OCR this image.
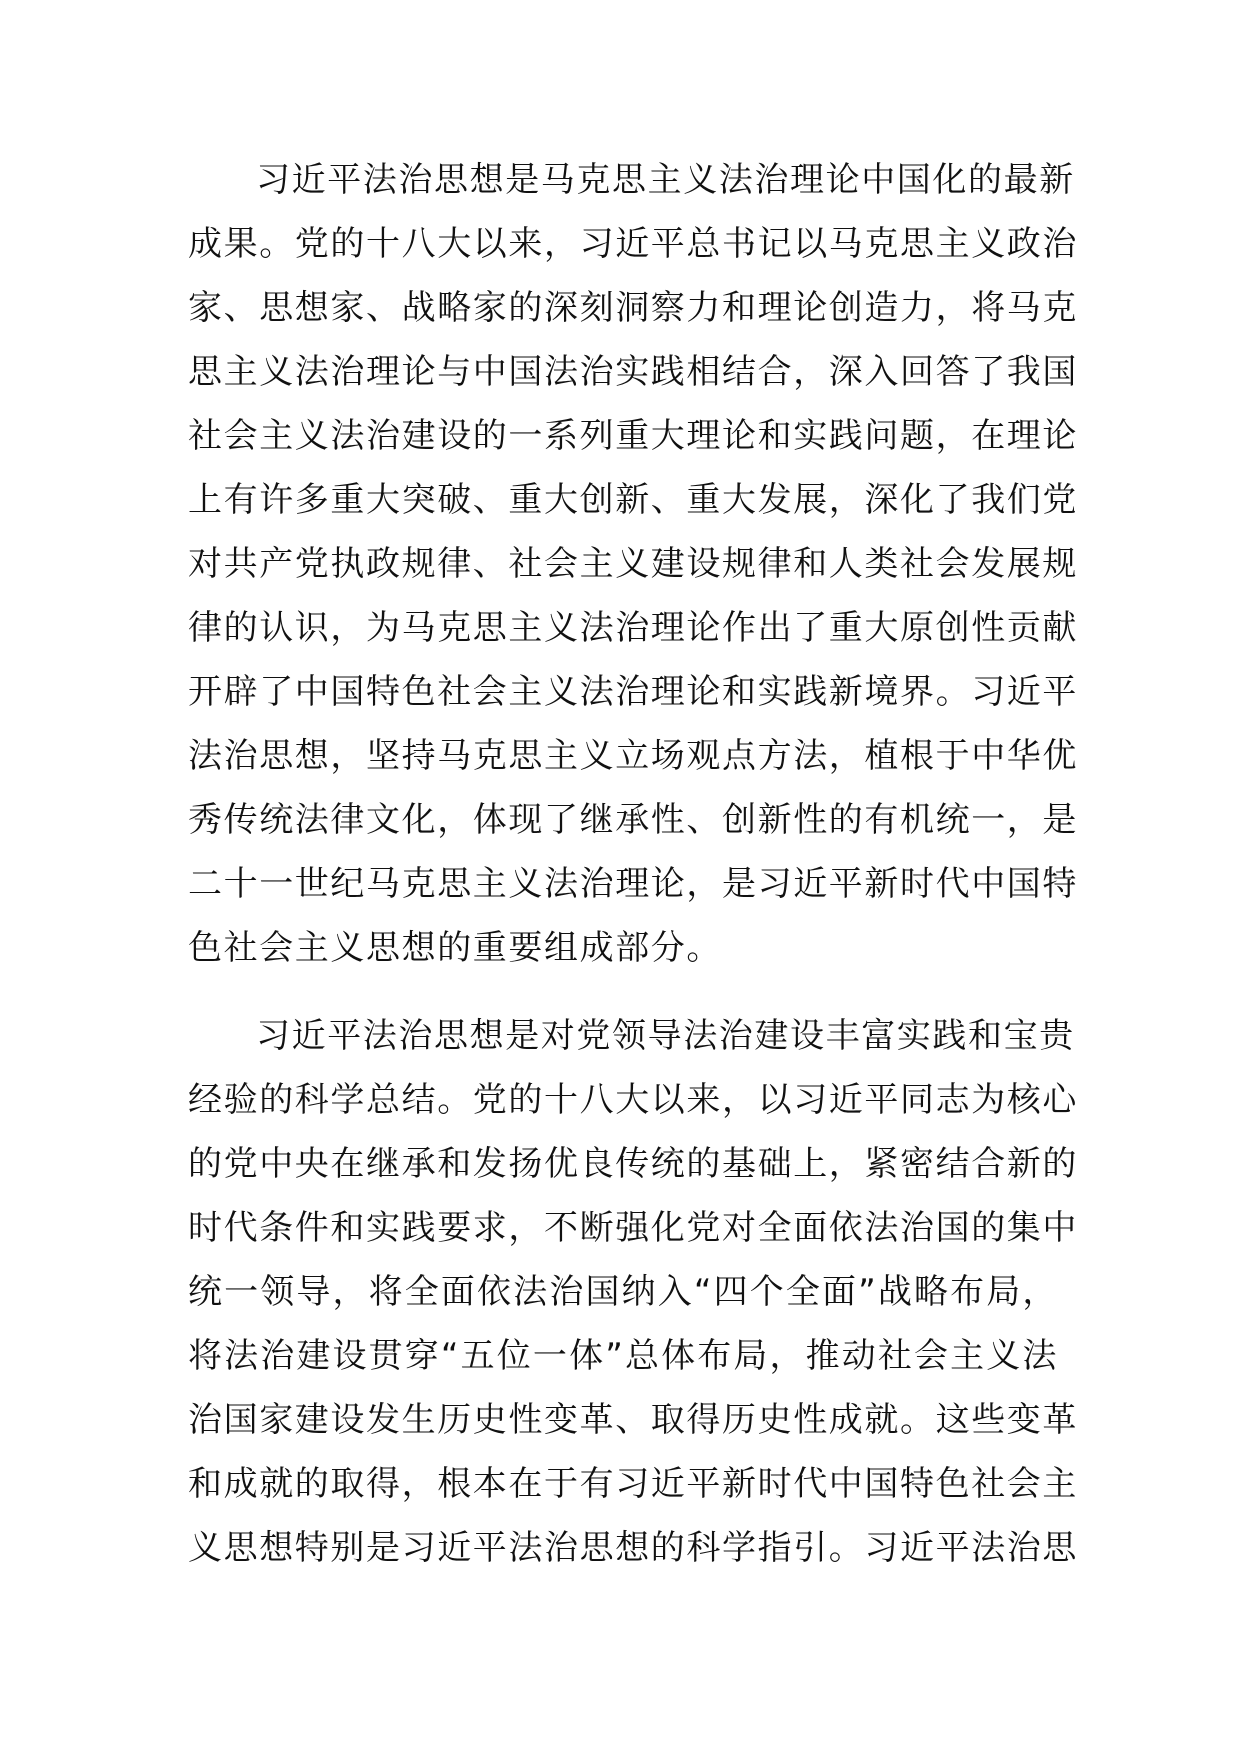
习近平法治思想是马克思主义法治理论中国化的最新
成果。党的十八大以来，习近平总书记以马克思主义政治
家、思想家、战略家的深刻洞察力和理论创造力，将马克
思主义法治理论与中国法治实践相结合，深入回答了我国
社会主义法治建设的一系列重大理论和实践问题，在理论
上有许多重大突破、重大创新、重大发展，深化了我们党
对共产党执政规律、社会主义建设规律和人类社会发展规
律的认识，为马克思主义法治理论作出了重大原创性贡献
开辟了中国特色社会主义法治理论和实践新境界。习近平
法治思想，坚持马克思主义立场观点方法，植根于中华优
秀传统法律文化，体现了继承性、创新性的有机统一，是
二十一世纪马克思主义法治理论，是习近平新时代中国特
色社会主义思想的重要组成部分。
习近平法治思想是对党领导法治建设丰富实践和宝贵
经验的科学总结。党的十八大以来，以习近平同志为核心
的党中央在继承和发扬优良传统的基础上，紧密结合新的
时代条件和实践要求，不断强化党对全面依法治国的集中
统一领导，将全面依法治国纳入“四个全面”战略布局，
将法治建设贯穿“五位一体”总体布局，推动社会主义法
治国家建设发生历史性变革、取得历史性成就。这些变革
和成就的取得，根本在于有习近平新时代中国特色社会主
义思想特别是习近平法治思想的科学指引。习近平法治思
